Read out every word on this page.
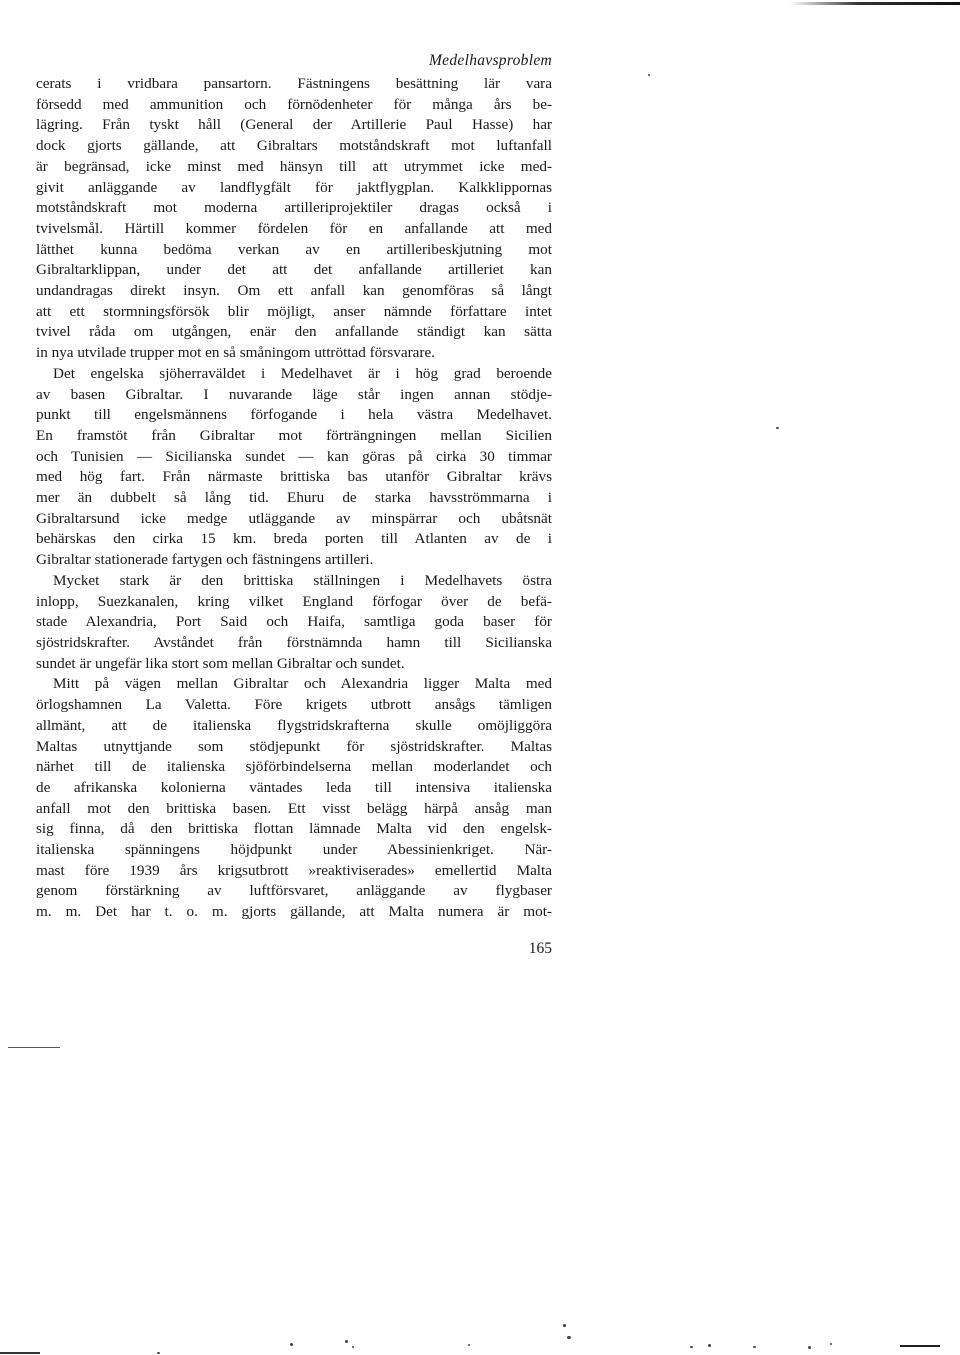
Medelhavsproblem
cerats i vridbara pansartorn. Fästningens besättning lär vara
försedd med ammunition och förnödenheter för många års be-
lägring. Från tyskt håll (General der Artillerie Paul Hasse) har
dock gjorts gällande, att Gibraltars motståndskraft mot luftanfall
är begränsad, icke minst med hänsyn till att utrymmet icke med-
givit anläggande av landflygfält för jaktflygplan. Kalkklippornas
motståndskraft mot moderna artilleriprojektiler dragas också i
tvivelsmål. Härtill kommer fördelen för en anfallande att med
lätthet kunna bedöma verkan av en artilleribeskjutning mot
Gibraltarklippan, under det att det anfallande artilleriet kan
undandragas direkt insyn. Om ett anfall kan genomföras så långt
att ett stormningsförsök blir möjligt, anser nämnde författare intet
tvivel råda om utgången, enär den anfallande ständigt kan sätta
in nya utvilade trupper mot en så småningom uttröttad försvarare.
Det engelska sjöherraväldet i Medelhavet är i hög grad beroende
av basen Gibraltar. I nuvarande läge står ingen annan stödje-
punkt till engelsmännens förfogande i hela västra Medelhavet.
En framstöt från Gibraltar mot förträngningen mellan Sicilien
och Tunisien — Sicilianska sundet — kan göras på cirka 30 timmar
med hög fart. Från närmaste brittiska bas utanför Gibraltar krävs
mer än dubbelt så lång tid. Ehuru de starka havsströmmarna i
Gibraltarsund icke medge utläggande av minspärrar och ubåtsnät
behärskas den cirka 15 km. breda porten till Atlanten av de i
Gibraltar stationerade fartygen och fästningens artilleri.
Mycket stark är den brittiska ställningen i Medelhavets östra
inlopp, Suezkanalen, kring vilket England förfogar över de befä-
stade Alexandria, Port Said och Haifa, samtliga goda baser för
sjöstridskrafter. Avståndet från förstnämnda hamn till Sicilianska
sundet är ungefär lika stort som mellan Gibraltar och sundet.
Mitt på vägen mellan Gibraltar och Alexandria ligger Malta med
örlogshamnen La Valetta. Före krigets utbrott ansågs tämligen
allmänt, att de italienska flygstridskrafterna skulle omöjliggöra
Maltas utnyttjande som stödjepunkt för sjöstridskrafter. Maltas
närhet till de italienska sjöförbindelserna mellan moderlandet och
de afrikanska kolonierna väntades leda till intensiva italienska
anfall mot den brittiska basen. Ett visst belägg härpå ansåg man
sig finna, då den brittiska flottan lämnade Malta vid den engelsk-
italienska spänningens höjdpunkt under Abessinienkriget. När-
mast före 1939 års krigsutbrott »reaktiviserades» emellertid Malta
genom förstärkning av luftförsvaret, anläggande av flygbaser
m. m. Det har t. o. m. gjorts gällande, att Malta numera är mot-
165
